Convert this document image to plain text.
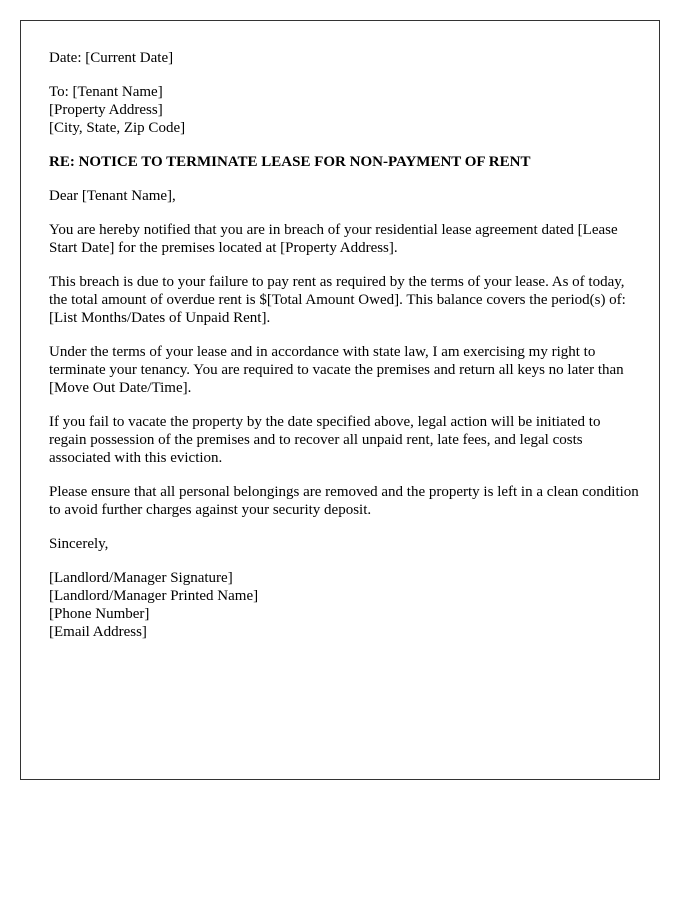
Date: [Current Date]
To: [Tenant Name]
[Property Address]
[City, State, Zip Code]
RE: NOTICE TO TERMINATE LEASE FOR NON-PAYMENT OF RENT

Dear [Tenant Name],

You are hereby notified that you are in breach of your residential lease agreement dated [Lease Start Date] for the premises located at [Property Address].

This breach is due to your failure to pay rent as required by the terms of your lease. As of today, the total amount of overdue rent is $[Total Amount Owed]. This balance covers the period(s) of: [List Months/Dates of Unpaid Rent].

Under the terms of your lease and in accordance with state law, I am exercising my right to terminate your tenancy. You are required to vacate the premises and return all keys no later than [Move Out Date/Time].

If you fail to vacate the property by the date specified above, legal action will be initiated to regain possession of the premises and to recover all unpaid rent, late fees, and legal costs associated with this eviction.

Please ensure that all personal belongings are removed and the property is left in a clean condition to avoid further charges against your security deposit.

Sincerely,

[Landlord/Manager Signature]
[Landlord/Manager Printed Name]
[Phone Number]
[Email Address]
